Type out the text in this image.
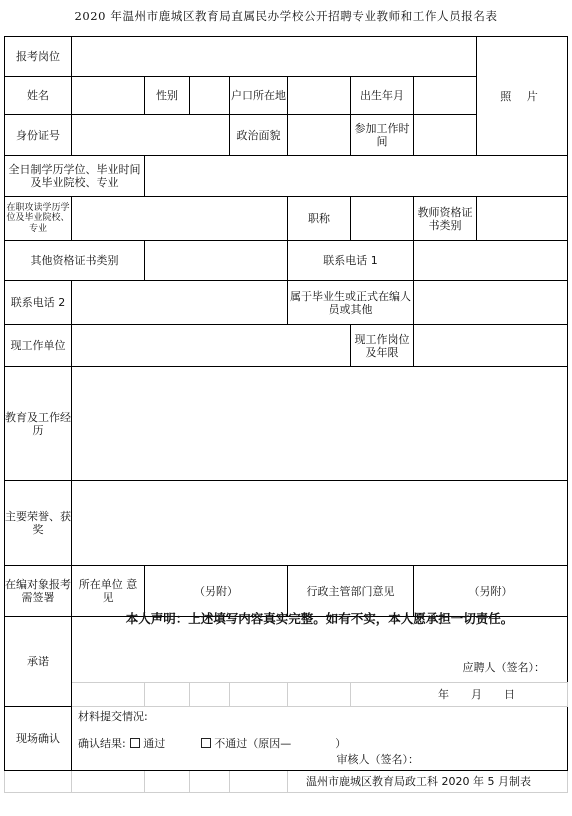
2020 年温州市鹿城区教育局直属民办学校公开招聘专业教师和工作人员报名表
报考岗位								照 片
姓名		性别		户口所在地		出生年月		
身份证号				政治面貌		参加工作时间		
全日制学历学位、毕业时间及毕业院校、专业								
在职攻读学历学位及毕业院校、专业					职称		教师资格证书类别	
其他资格证书类别					联系电话 1			
联系电话 2					属于毕业生或正式在编人员或其他			
现工作单位						现工作岗位及年限		
教育及工作经历								
主要荣誉、获奖								
在编对象报考需签署	所在单位 意 见	（另附）			行政主管部门意见		（另附）	
承诺	本人声明：上述填写内容真实完整。如有不实，本人愿承担一切责任。
应聘人（签名）：							

						年　　月　　日		
现场确认	材料提交情况:
确认结果: 通过 不通过（原因—　　　　）
审核人（签名）：							

					温州市鹿城区教育局政工科 2020 年 5 月制表			
